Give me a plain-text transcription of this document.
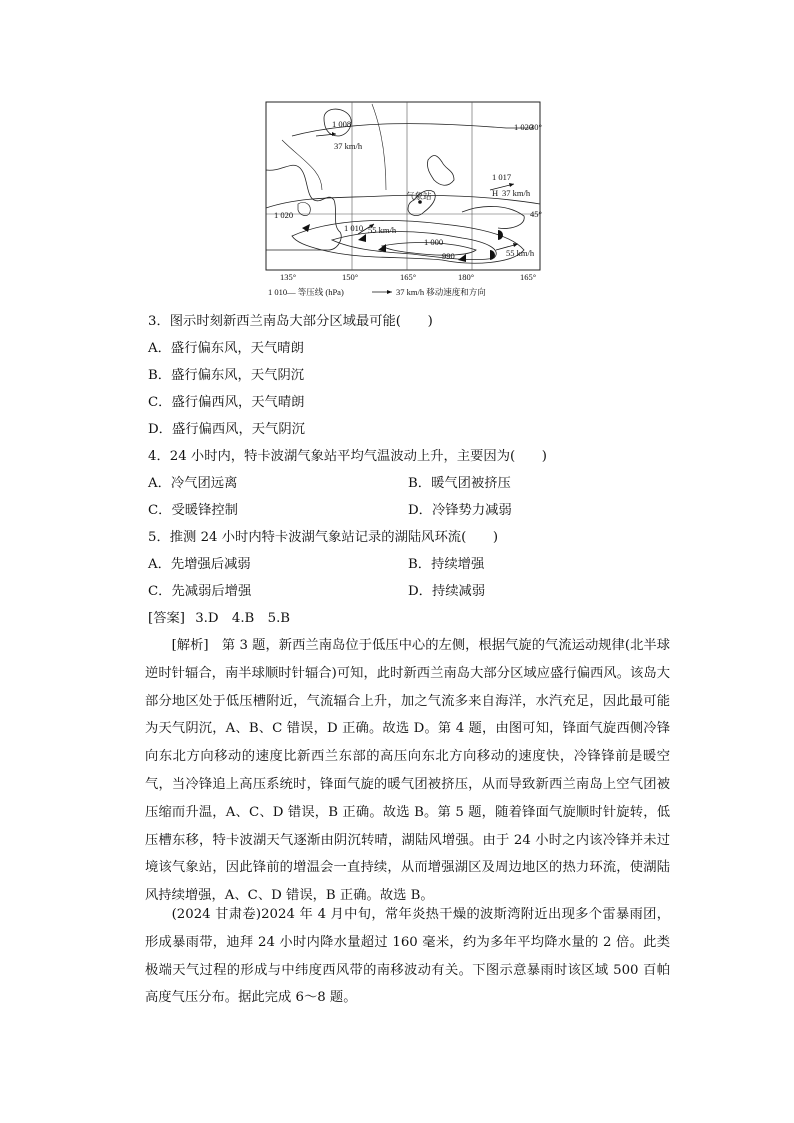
1 008	1 020
1 017
1 020
1 010
1 000
990
37 km/h
37 km/h
55 km/h
55 km/h
H
气象站
30°
45°
135°	150°	165°	180°	165°
1 010— 等压线 (hPa)	37 km/h 移动速度和方向
3．图示时刻新西兰南岛大部分区域最可能(　　)
A．盛行偏东风，天气晴朗
B．盛行偏东风，天气阴沉
C．盛行偏西风，天气晴朗
D．盛行偏西风，天气阴沉
4．24 小时内，特卡波湖气象站平均气温波动上升，主要因为(　　)
A．冷气团远离	B．暖气团被挤压
C．受暖锋控制	D．冷锋势力减弱
5．推测 24 小时内特卡波湖气象站记录的湖陆风环流(　　)
A．先增强后减弱	B．持续增强
C．先减弱后增强	D．持续减弱
[答案] 3.D　4.B　5.B

[解析]　第 3 题，新西兰南岛位于低压中心的左侧，根据气旋的气流运动规律(北半球逆时针辐合，南半球顺时针辐合)可知，此时新西兰南岛大部分区域应盛行偏西风。该岛大部分地区处于低压槽附近，气流辐合上升，加之气流多来自海洋，水汽充足，因此最可能为天气阴沉，A、B、C 错误，D 正确。故选 D。第 4 题，由图可知，锋面气旋西侧冷锋向东北方向移动的速度比新西兰东部的高压向东北方向移动的速度快，冷锋锋前是暖空气，当冷锋追上高压系统时，锋面气旋的暖气团被挤压，从而导致新西兰南岛上空气团被压缩而升温，A、C、D 错误，B 正确。故选 B。第 5 题，随着锋面气旋顺时针旋转，低压槽东移，特卡波湖天气逐渐由阴沉转晴，湖陆风增强。由于 24 小时之内该冷锋并未过境该气象站，因此锋前的增温会一直持续，从而增强湖区及周边地区的热力环流，使湖陆风持续增强，A、C、D 错误，B 正确。故选 B。

(2024 甘肃卷)2024 年 4 月中旬，常年炎热干燥的波斯湾附近出现多个雷暴雨团，形成暴雨带，迪拜 24 小时内降水量超过 160 毫米，约为多年平均降水量的 2 倍。此类极端天气过程的形成与中纬度西风带的南移波动有关。下图示意暴雨时该区域 500 百帕高度气压分布。据此完成 6～8 题。
